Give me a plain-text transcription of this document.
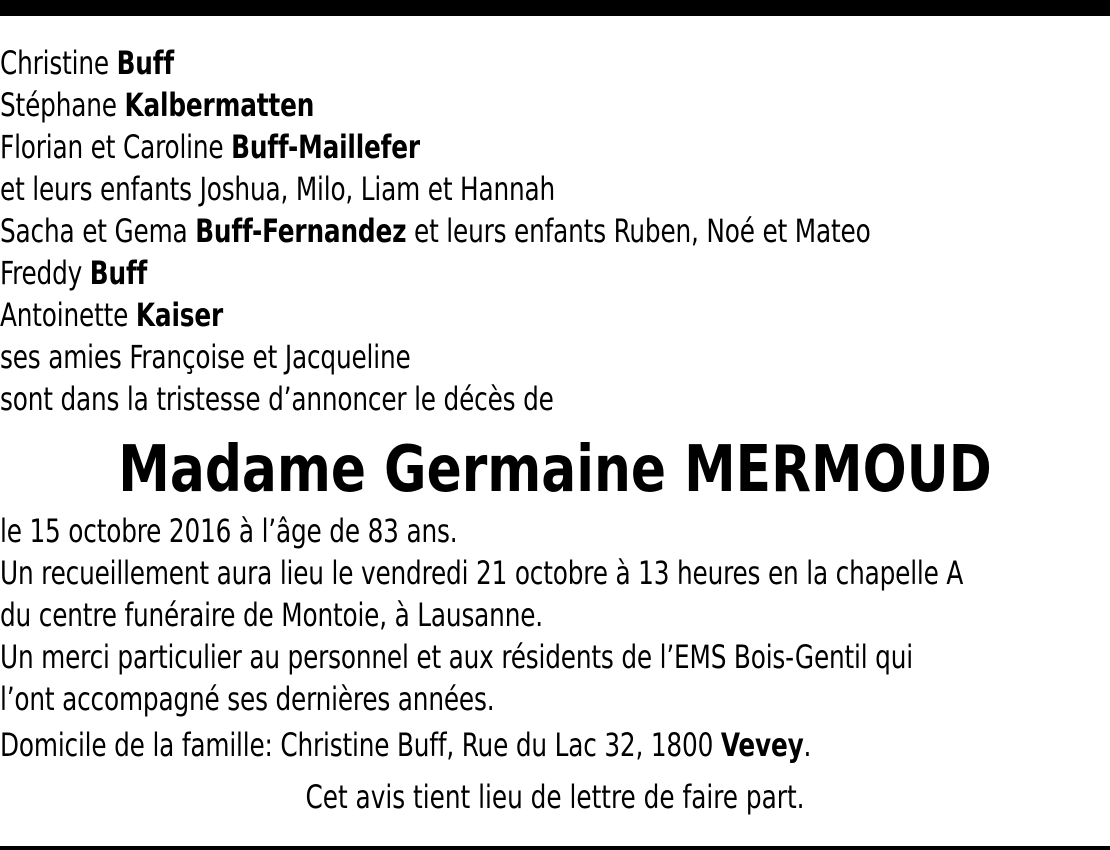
Christine Buff
Stéphane Kalbermatten
Florian et Caroline Buff-Maillefer
et leurs enfants Joshua, Milo, Liam et Hannah
Sacha et Gema Buff-Fernandez et leurs enfants Ruben, Noé et Mateo
Freddy Buff
Antoinette Kaiser
ses amies Françoise et Jacqueline
sont dans la tristesse d’annoncer le décès de
Madame Germaine MERMOUD
le 15 octobre 2016 à l’âge de 83 ans.
Un recueillement aura lieu le vendredi 21 octobre à 13 heures en la chapelle A
du centre funéraire de Montoie, à Lausanne.
Un merci particulier au personnel et aux résidents de l’EMS Bois-Gentil qui
l’ont accompagné ses dernières années.
Domicile de la famille: Christine Buff, Rue du Lac 32, 1800 Vevey.
Cet avis tient lieu de lettre de faire part.
